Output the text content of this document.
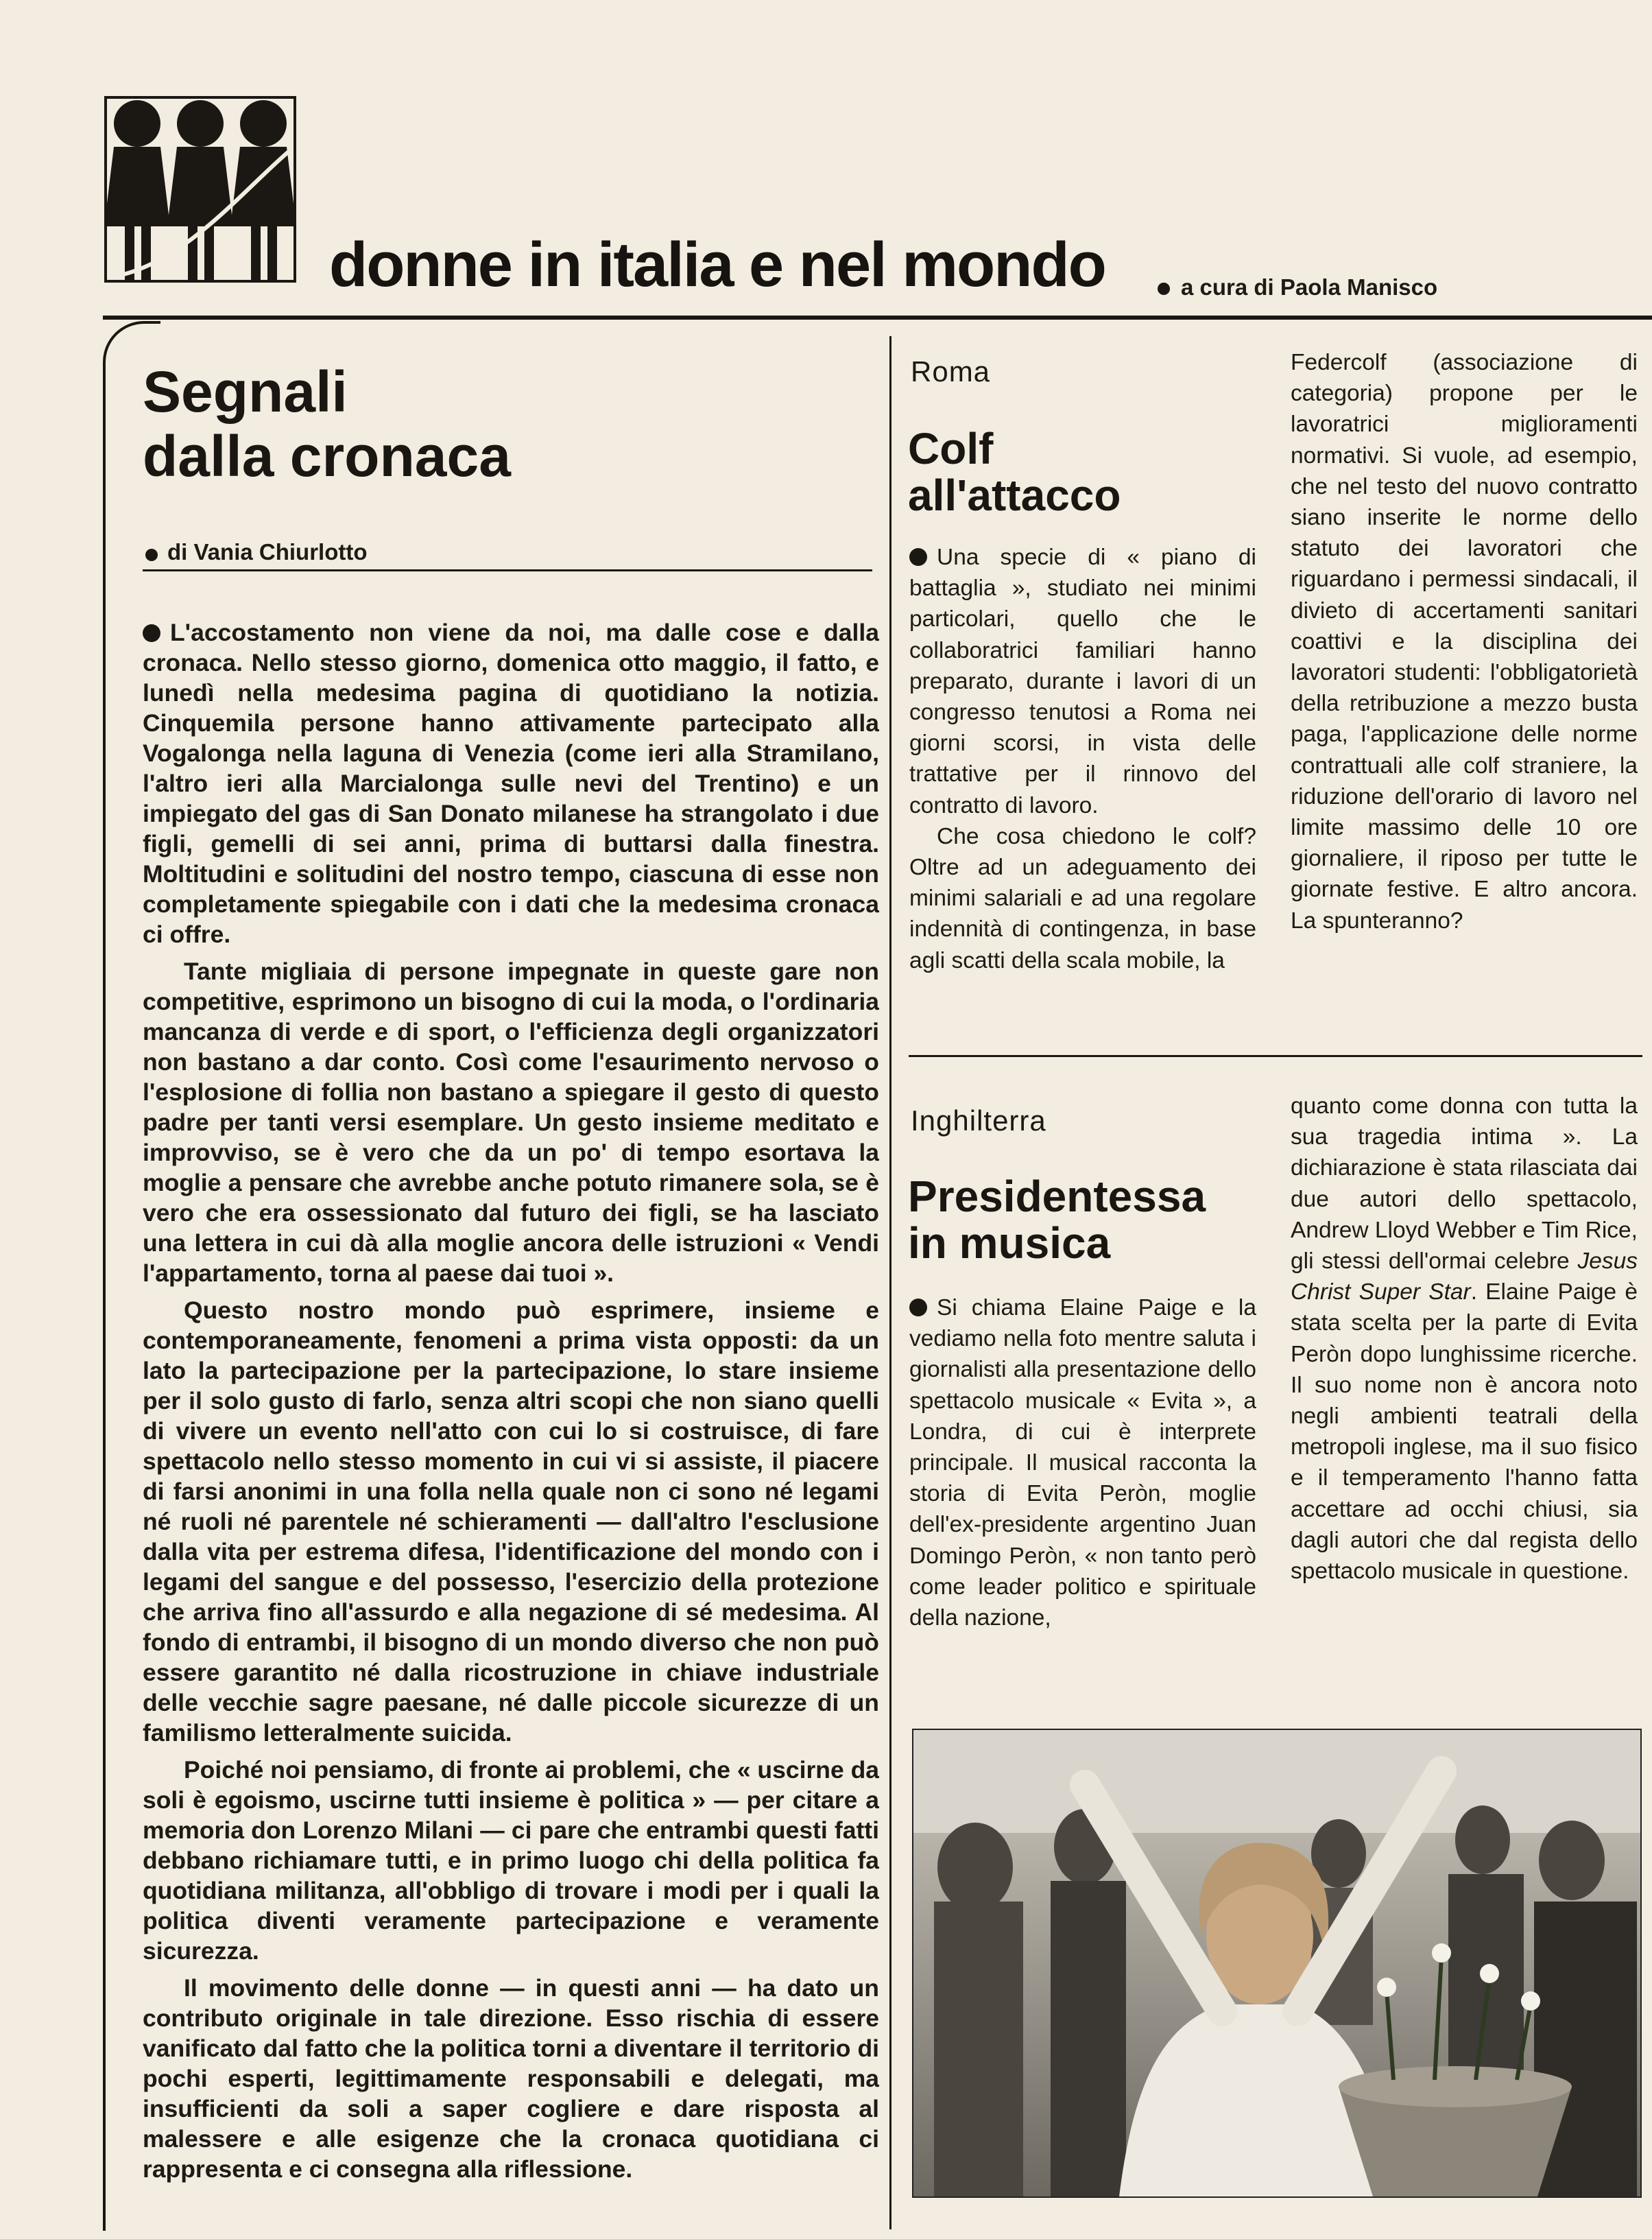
donne in italia e nel mondo	a cura di Paola Manisco
Segnali
dalla cronaca
di Vania Chiurlotto

L'accostamento non viene da noi, ma dalle cose e dalla cronaca. Nello stesso giorno, domenica otto maggio, il fatto, e lunedì nella medesima pagina di quotidiano la notizia. Cinquemila persone hanno attivamente partecipato alla Vogalonga nella laguna di Venezia (come ieri alla Stramilano, l'altro ieri alla Marcialonga sulle nevi del Trentino) e un impiegato del gas di San Donato milanese ha strangolato i due figli, gemelli di sei anni, prima di buttarsi dalla finestra. Moltitudini e solitudini del nostro tempo, ciascuna di esse non completamente spiegabile con i dati che la medesima cronaca ci offre.

Tante migliaia di persone impegnate in queste gare non competitive, esprimono un bisogno di cui la moda, o l'ordinaria mancanza di verde e di sport, o l'efficienza degli organizzatori non bastano a dar conto. Così come l'esaurimento nervoso o l'esplosione di follia non bastano a spiegare il gesto di questo padre per tanti versi esemplare. Un gesto insieme meditato e improvviso, se è vero che da un po' di tempo esortava la moglie a pensare che avrebbe anche potuto rimanere sola, se è vero che era ossessionato dal futuro dei figli, se ha lasciato una lettera in cui dà alla moglie ancora delle istruzioni « Vendi l'appartamento, torna al paese dai tuoi ».

Questo nostro mondo può esprimere, insieme e contemporaneamente, fenomeni a prima vista opposti: da un lato la partecipazione per la partecipazione, lo stare insieme per il solo gusto di farlo, senza altri scopi che non siano quelli di vivere un evento nell'atto con cui lo si costruisce, di fare spettacolo nello stesso momento in cui vi si assiste, il piacere di farsi anonimi in una folla nella quale non ci sono né legami né ruoli né parentele né schieramenti — dall'altro l'esclusione dalla vita per estrema difesa, l'identificazione del mondo con i legami del sangue e del possesso, l'esercizio della protezione che arriva fino all'assurdo e alla negazione di sé medesima. Al fondo di entrambi, il bisogno di un mondo diverso che non può essere garantito né dalla ricostruzione in chiave industriale delle vecchie sagre paesane, né dalle piccole sicurezze di un familismo letteralmente suicida.

Poiché noi pensiamo, di fronte ai problemi, che « uscirne da soli è egoismo, uscirne tutti insieme è politica » — per citare a memoria don Lorenzo Milani — ci pare che entrambi questi fatti debbano richiamare tutti, e in primo luogo chi della politica fa quotidiana militanza, all'obbligo di trovare i modi per i quali la politica diventi veramente partecipazione e veramente sicurezza.

Il movimento delle donne — in questi anni — ha dato un contributo originale in tale direzione. Esso rischia di essere vanificato dal fatto che la politica torni a diventare il territorio di pochi esperti, legittimamente responsabili e delegati, ma insufficienti da soli a saper cogliere e dare risposta al malessere e alle esigenze che la cronaca quotidiana ci rappresenta e ci consegna alla riflessione.

Roma
Colf
all'attacco

Una specie di « piano di battaglia », studiato nei minimi particolari, quello che le collaboratrici familiari hanno preparato, durante i lavori di un congresso tenutosi a Roma nei giorni scorsi, in vista delle trattative per il rinnovo del contratto di lavoro.

Che cosa chiedono le colf? Oltre ad un adeguamento dei minimi salariali e ad una regolare indennità di contingenza, in base agli scatti della scala mobile, la

Federcolf (associazione di categoria) propone per le lavoratrici miglioramenti normativi. Si vuole, ad esempio, che nel testo del nuovo contratto siano inserite le norme dello statuto dei lavoratori che riguardano i permessi sindacali, il divieto di accertamenti sanitari coattivi e la disciplina dei lavoratori studenti: l'obbligatorietà della retribuzione a mezzo busta paga, l'applicazione delle norme contrattuali alle colf straniere, la riduzione dell'orario di lavoro nel limite massimo delle 10 ore giornaliere, il riposo per tutte le giornate festive. E altro ancora. La spunteranno?

Inghilterra
Presidentessa
in musica

Si chiama Elaine Paige e la vediamo nella foto mentre saluta i giornalisti alla presentazione dello spettacolo musicale « Evita », a Londra, di cui è interprete principale. Il musical racconta la storia di Evita Peròn, moglie dell'ex-presidente argentino Juan Domingo Peròn, « non tanto però come leader politico e spirituale della nazione,

quanto come donna con tutta la sua tragedia intima ». La dichiarazione è stata rilasciata dai due autori dello spettacolo, Andrew Lloyd Webber e Tim Rice, gli stessi dell'ormai celebre Jesus Christ Super Star. Elaine Paige è stata scelta per la parte di Evita Peròn dopo lunghissime ricerche. Il suo nome non è ancora noto negli ambienti teatrali della metropoli inglese, ma il suo fisico e il temperamento l'hanno fatta accettare ad occhi chiusi, sia dagli autori che dal regista dello spettacolo musicale in questione.
